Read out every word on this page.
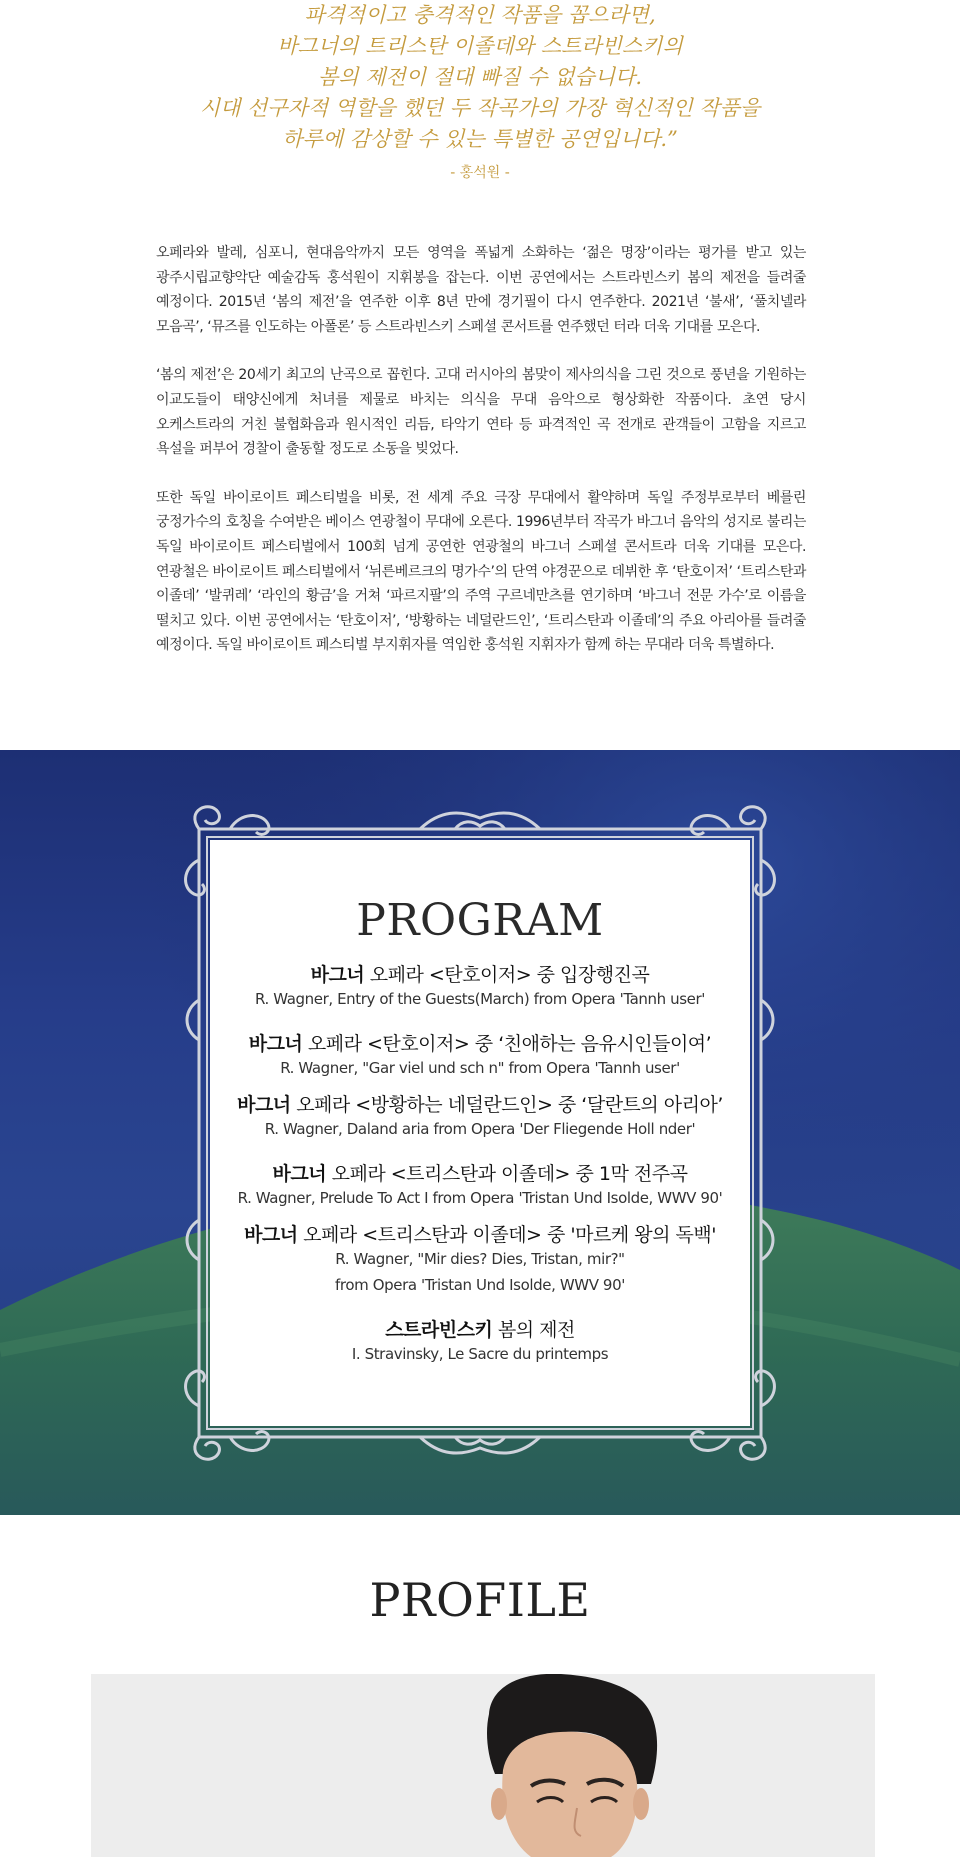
파격적이고 충격적인 작품을 꼽으라면,
바그너의 트리스탄 이졸데와 스트라빈스키의
봄의 제전이 절대 빠질 수 없습니다.
시대 선구자적 역할을 했던 두 작곡가의 가장 혁신적인 작품을
하루에 감상할 수 있는 특별한 공연입니다.”
- 홍석원 -

오페라와 발레, 심포니, 현대음악까지 모든 영역을 폭넓게 소화하는 ‘젊은 명장’이라는 평가를 받고 있는 광주시립교향악단 예술감독 홍석원이 지휘봉을 잡는다. 이번 공연에서는 스트라빈스키 봄의 제전을 들려줄 예정이다. 2015년 ‘봄의 제전’을 연주한 이후 8년 만에 경기필이 다시 연주한다. 2021년 ‘불새’, ‘풀치넬라 모음곡’, ‘뮤즈를 인도하는 아폴론’ 등 스트라빈스키 스페셜 콘서트를 연주했던 터라 더욱 기대를 모은다.

‘봄의 제전’은 20세기 최고의 난곡으로 꼽힌다. 고대 러시아의 봄맞이 제사의식을 그린 것으로 풍년을 기원하는 이교도들이 태양신에게 처녀를 제물로 바치는 의식을 무대 음악으로 형상화한 작품이다. 초연 당시 오케스트라의 거친 불협화음과 원시적인 리듬, 타악기 연타 등 파격적인 곡 전개로 관객들이 고함을 지르고 욕설을 퍼부어 경찰이 출동할 정도로 소동을 빚었다.

또한 독일 바이로이트 페스티벌을 비롯, 전 세계 주요 극장 무대에서 활약하며 독일 주정부로부터 베를린 궁정가수의 호칭을 수여받은 베이스 연광철이 무대에 오른다. 1996년부터 작곡가 바그너 음악의 성지로 불리는 독일 바이로이트 페스티벌에서 100회 넘게 공연한 연광철의 바그너 스페셜 콘서트라 더욱 기대를 모은다. 연광철은 바이로이트 페스티벌에서 ‘뉘른베르크의 명가수’의 단역 야경꾼으로 데뷔한 후 ‘탄호이저’ ‘트리스탄과 이졸데’ ‘발퀴레’ ‘라인의 황금’을 거쳐 ‘파르지팔’의 주역 구르네만츠를 연기하며 ‘바그너 전문 가수’로 이름을 떨치고 있다. 이번 공연에서는 ‘탄호이저’, ‘방황하는 네덜란드인’, ‘트리스탄과 이졸데’의 주요 아리아를 들려줄 예정이다. 독일 바이로이트 페스티벌 부지휘자를 역임한 홍석원 지휘자가 함께 하는 무대라 더욱 특별하다.

PROGRAM
바그너 오페라 <탄호이저> 중 입장행진곡
R. Wagner, Entry of the Guests(March) from Opera 'Tannh user'
바그너 오페라 <탄호이저> 중 ‘친애하는 음유시인들이여’
R. Wagner, "Gar viel und sch n" from Opera 'Tannh user'
바그너 오페라 <방황하는 네덜란드인> 중 ‘달란트의 아리아’
R. Wagner, Daland aria from Opera 'Der Fliegende Holl nder'
바그너 오페라 <트리스탄과 이졸데> 중 1막 전주곡
R. Wagner, Prelude To Act I from Opera 'Tristan Und Isolde, WWV 90'
바그너 오페라 <트리스탄과 이졸데> 중 '마르케 왕의 독백'
R. Wagner, "Mir dies? Dies, Tristan, mir?"
from Opera 'Tristan Und Isolde, WWV 90'
스트라빈스키 봄의 제전
I. Stravinsky, Le Sacre du printemps
PROFILE
